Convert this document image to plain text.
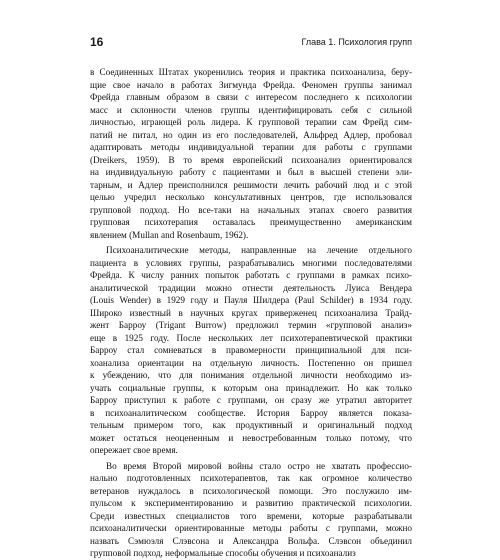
16	Глава 1. Психология групп
в Соединенных Штатах укоренились теория и практика психоанализа, беру-
щие свое начало в работах Зигмунда Фрейда. Феномен группы занимал
Фрейда главным образом в связи с интересом последнего к психологии
масс и склонности членов группы идентифицировать себя с сильной
личностью, играющей роль лидера. К групповой терапии сам Фрейд сим-
патий не питал, но один из его последователей, Альфред Адлер, пробовал
адаптировать методы индивидуальной терапии для работы с группами
(Dreikers, 1959). В то время европейский психоанализ ориентировался
на индивидуальную работу с пациентами и был в высшей степени эли-
тарным, и Адлер преисполнился решимости лечить рабочий люд и с этой
целью учредил несколько консультативных центров, где использовался
групповой подход. Но все-таки на начальных этапах своего развития
групповая психотерапия оставалась преимущественно американским
явлением (Mullan and Rosenbaum, 1962).
Психоаналитические методы, направленные на лечение отдельного
пациента в условиях группы, разрабатывались многими последователями
Фрейда. К числу ранних попыток работать с группами в рамках психо-
аналитической традиции можно отнести деятельность Луиса Вендера
(Louis Wender) в 1929 году и Пауля Шилдера (Paul Schilder) в 1934 году.
Широко известный в научных кругах приверженец психоанализа Трайд-
жент Барроу (Trigant Burrow) предложил термин «групповой анализ»
еще в 1925 году. После нескольких лет психотерапевтической практики
Барроу стал сомневаться в правомерности принципиальной для пси-
хоанализа ориентации на отдельную личность. Постепенно он пришел
к убеждению, что для понимания отдельной личности необходимо из-
учать социальные группы, к которым она принадлежит. Но как только
Барроу приступил к работе с группами, он сразу же утратил авторитет
в психоаналитическом сообществе. История Барроу является показа-
тельным примером того, как продуктивный и оригинальный подход
может остаться неоцененным и невостребованным только потому, что
опережает свое время.
Во время Второй мировой войны стало остро не хватать профессио-
нально подготовленных психотерапевтов, так как огромное количество
ветеранов нуждалось в психологической помощи. Это послужило им-
пульсом к экспериментированию и развитию практической психологии.
Среди известных специалистов того времени, которые разрабатывали
психоаналитически ориентированные методы работы с группами, можно
назвать Сэмюэля Слэвсона и Александра Вольфа. Слэвсон объединил
групповой подход, неформальные способы обучения и психоанализ
